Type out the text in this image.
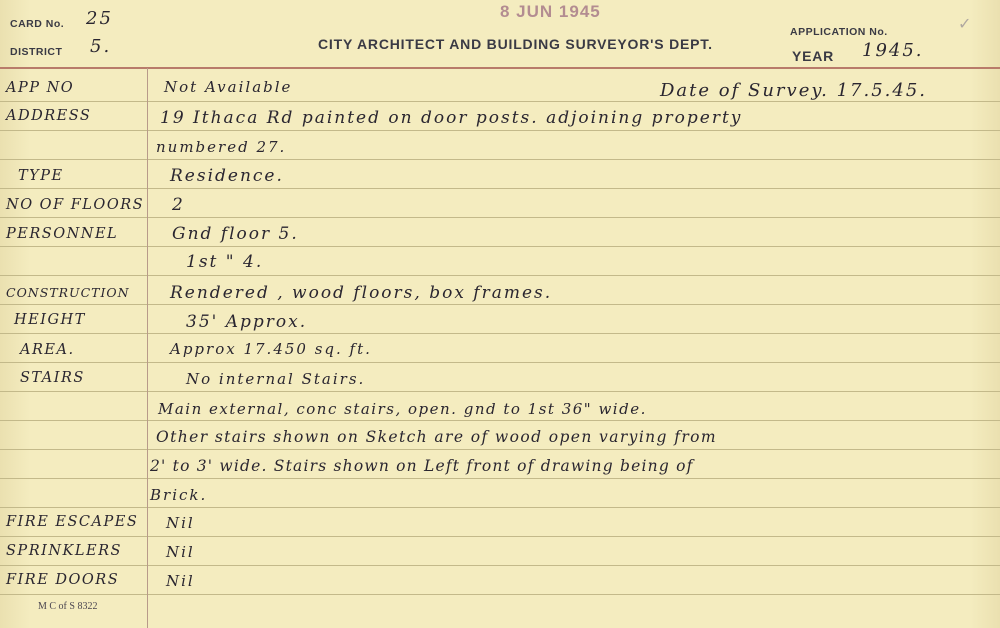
CARD No. 25
DISTRICT 5.
8 JUN 1945
CITY ARCHITECT AND BUILDING SURVEYOR'S DEPT.
APPLICATION No.
YEAR 1945.
✓
APP NO
ADDRESS
TYPE
NO OF FLOORS
PERSONNEL
CONSTRUCTION
HEIGHT
AREA.
STAIRS
FIRE ESCAPES
SPRINKLERS
FIRE DOORS
Not Available	Date of Survey. 17.5.45.
19 Ithaca Rd painted on door posts. adjoining property
numbered 27.
Residence.
2
Gnd floor 5.
1st " 4.
Rendered , wood floors, box frames.
35' Approx.
Approx 17.450 sq. ft.
No internal Stairs.
Main external, conc stairs, open. gnd to 1st 36" wide.
Other stairs shown on Sketch are of wood open varying from
2' to 3' wide. Stairs shown on Left front of drawing being of
Brick.
Nil
Nil
Nil
M C of S 8322
